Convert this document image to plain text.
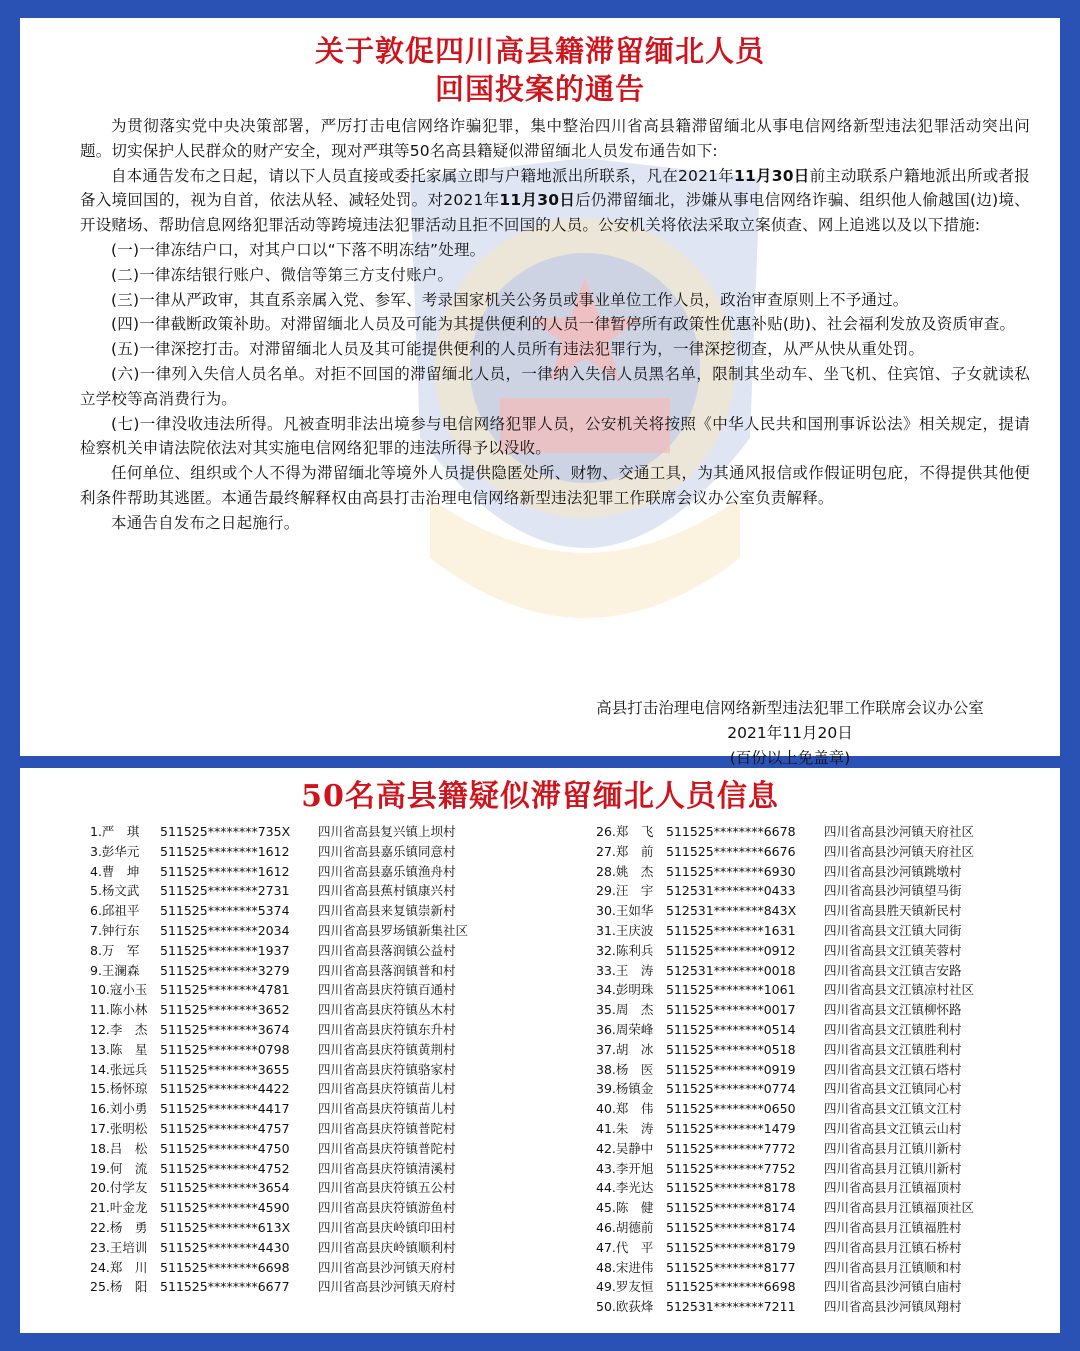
关于敦促四川高县籍滞留缅北人员
回国投案的通告

为贯彻落实党中央决策部署，严厉打击电信网络诈骗犯罪，集中整治四川省高县籍滞留缅北从事电信网络新型违法犯罪活动突出问题。切实保护人民群众的财产安全，现对严琪等50名高县籍疑似滞留缅北人员发布通告如下:

自本通告发布之日起，请以下人员直接或委托家属立即与户籍地派出所联系，凡在2021年11月30日前主动联系户籍地派出所或者报备入境回国的，视为自首，依法从轻、减轻处罚。对2021年11月30日后仍滞留缅北，涉嫌从事电信网络诈骗、组织他人偷越国(边)境、开设赌场、帮助信息网络犯罪活动等跨境违法犯罪活动且拒不回国的人员。公安机关将依法采取立案侦查、网上追逃以及以下措施:

(一)一律冻结户口，对其户口以“下落不明冻结”处理。

(二)一律冻结银行账户、微信等第三方支付账户。

(三)一律从严政审，其直系亲属入党、参军、考录国家机关公务员或事业单位工作人员，政治审查原则上不予通过。

(四)一律截断政策补助。对滞留缅北人员及可能为其提供便利的人员一律暂停所有政策性优惠补贴(助)、社会福利发放及资质审查。

(五)一律深挖打击。对滞留缅北人员及其可能提供便利的人员所有违法犯罪行为，一律深挖彻查，从严从快从重处罚。

(六)一律列入失信人员名单。对拒不回国的滞留缅北人员，一律纳入失信人员黑名单，限制其坐动车、坐飞机、住宾馆、子女就读私立学校等高消费行为。

(七)一律没收违法所得。凡被查明非法出境参与电信网络犯罪人员，公安机关将按照《中华人民共和国刑事诉讼法》相关规定，提请检察机关申请法院依法对其实施电信网络犯罪的违法所得予以没收。

任何单位、组织或个人不得为滞留缅北等境外人员提供隐匿处所、财物、交通工具，为其通风报信或作假证明包庇，不得提供其他便利条件帮助其逃匿。本通告最终解释权由高县打击治理电信网络新型违法犯罪工作联席会议办公室负责解释。

本通告自发布之日起施行。

高县打击治理电信网络新型违法犯罪工作联席会议办公室
2021年11月20日
(百份以上免盖章)
50名高县籍疑似滞留缅北人员信息
1.严　琪 511525********735X 四川省高县复兴镇上坝村
3.彭华元 511525********1612 四川省高县嘉乐镇同意村
4.曹　坤 511525********1612 四川省高县嘉乐镇渔舟村
5.杨文武 511525********2731 四川省高县蕉村镇康兴村
6.邱祖平 511525********5374 四川省高县来复镇崇新村
7.钟行东 511525********2034 四川省高县罗场镇新集社区
8.万　军 511525********1937 四川省高县落润镇公益村
9.王澜森 511525********3279 四川省高县落润镇普和村
10.寇小玉 511525********4781 四川省高县庆符镇百通村
11.陈小林 511525********3652 四川省高县庆符镇丛木村
12.李　杰 511525********3674 四川省高县庆符镇东升村
13.陈　星 511525********0798 四川省高县庆符镇黄荆村
14.张远兵 511525********3655 四川省高县庆符镇骆家村
15.杨怀琼 511525********4422 四川省高县庆符镇苗儿村
16.刘小勇 511525********4417 四川省高县庆符镇苗儿村
17.张明松 511525********4757 四川省高县庆符镇普陀村
18.吕　松 511525********4750 四川省高县庆符镇普陀村
19.何　流 511525********4752 四川省高县庆符镇清溪村
20.付学友 511525********3654 四川省高县庆符镇五公村
21.叶金龙 511525********4590 四川省高县庆符镇游鱼村
22.杨　勇 511525********613X 四川省高县庆岭镇印田村
23.王培训 511525********4430 四川省高县庆岭镇顺利村
24.郑　川 511525********6698 四川省高县沙河镇天府村
25.杨　阳 511525********6677 四川省高县沙河镇天府村
26.郑　飞 511525********6678 四川省高县沙河镇天府社区
27.郑　前 511525********6676 四川省高县沙河镇天府社区
28.姚　杰 511525********6930 四川省高县沙河镇跳墩村
29.汪　宇 512531********0433 四川省高县沙河镇望马街
30.王如华 512531********843X 四川省高县胜天镇新民村
31.王庆波 511525********1631 四川省高县文江镇大同街
32.陈利兵 511525********0912 四川省高县文江镇芙蓉村
33.王　涛 512531********0018 四川省高县文江镇吉安路
34.彭明珠 511525********1061 四川省高县文江镇凉村社区
35.周　杰 511525********0017 四川省高县文江镇柳怀路
36.周荣峰 511525********0514 四川省高县文江镇胜利村
37.胡　冰 511525********0518 四川省高县文江镇胜利村
38.杨　医 511525********0919 四川省高县文江镇石塔村
39.杨镇金 511525********0774 四川省高县文江镇同心村
40.郑　伟 511525********0650 四川省高县文江镇文江村
41.朱　涛 511525********1479 四川省高县文江镇云山村
42.吴静中 511525********7772 四川省高县月江镇川新村
43.李开旭 511525********7752 四川省高县月江镇川新村
44.李光达 511525********8178 四川省高县月江镇福顶村
45.陈　健 511525********8174 四川省高县月江镇福顶社区
46.胡德前 511525********8174 四川省高县月江镇福胜村
47.代　平 511525********8179 四川省高县月江镇石桥村
48.宋进伟 511525********8177 四川省高县月江镇顺和村
49.罗友恒 511525********6698 四川省高县沙河镇白庙村
50.欧荻烽 512531********7211 四川省高县沙河镇凤翔村
